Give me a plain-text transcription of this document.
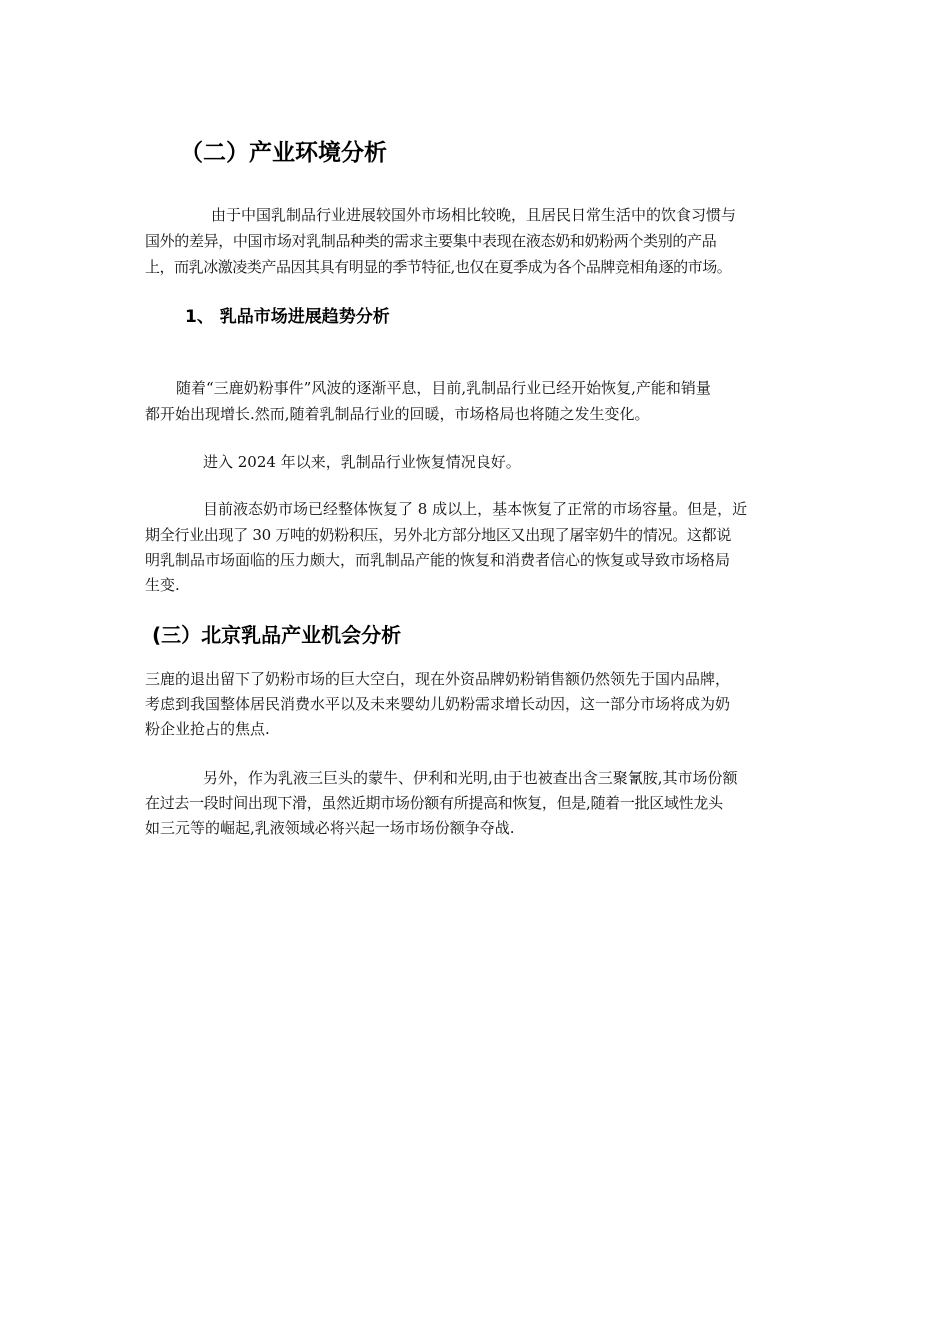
（二）产业环境分析
由于中国乳制品行业进展较国外市场相比较晚，且居民日常生活中的饮食习惯与
国外的差异，中国市场对乳制品种类的需求主要集中表现在液态奶和奶粉两个类别的产品
上，而乳冰激凌类产品因其具有明显的季节特征,也仅在夏季成为各个品牌竞相角逐的市场。
1、 乳品市场进展趋势分析
随着“三鹿奶粉事件”风波的逐渐平息，目前,乳制品行业已经开始恢复,产能和销量
都开始出现增长.然而,随着乳制品行业的回暖，市场格局也将随之发生变化。
进入 2024 年以来，乳制品行业恢复情况良好。
目前液态奶市场已经整体恢复了 8 成以上，基本恢复了正常的市场容量。但是，近
期全行业出现了 30 万吨的奶粉积压，另外北方部分地区又出现了屠宰奶牛的情况。这都说
明乳制品市场面临的压力颇大，而乳制品产能的恢复和消费者信心的恢复或导致市场格局
生变.
(三）北京乳品产业机会分析
三鹿的退出留下了奶粉市场的巨大空白，现在外资品牌奶粉销售额仍然领先于国内品牌，
考虑到我国整体居民消费水平以及未来婴幼儿奶粉需求增长动因，这一部分市场将成为奶
粉企业抢占的焦点.
另外，作为乳液三巨头的蒙牛、伊利和光明,由于也被查出含三聚氰胺,其市场份额
在过去一段时间出现下滑，虽然近期市场份额有所提高和恢复，但是,随着一批区域性龙头
如三元等的崛起,乳液领域必将兴起一场市场份额争夺战.
